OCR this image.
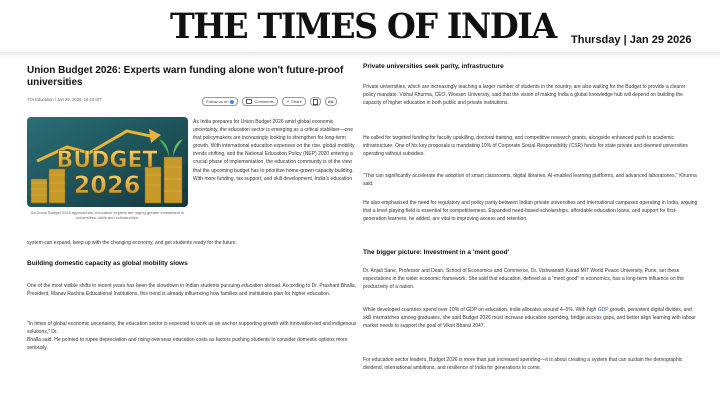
THE TIMES OF INDIA Thursday | Jan 29 2026
Union Budget 2026: Experts warn funding alone won't future-proof universities
TOI Education / Jan 29, 2026, 16:10 IST	Follow us on	Comments	↗ Share	AA
BUDGET
2026
As Union Budget 2026 approaches, education experts are urging greater investment in universities, skills and scholarships.

As India prepares for Union Budget 2026 amid global economic uncertainty, the education sector is emerging as a critical stabiliser—one that policymakers are increasingly looking to strengthen for long-term growth. With international education expenses on the rise, global mobility trends shifting, and the National Education Policy (NEP) 2020 entering a crucial phase of implementation, the education community is of the view that the upcoming budget has to prioritize home-grown capacity building. With more funding, tax support, and skill development, India's education

system can expand, keep up with the changing economy, and get students ready for the future.

Building domestic capacity as global mobility slows

One of the most visible shifts in recent years has been the slowdown in Indian students pursuing education abroad. According to Dr. Prashant Bhalla, President, Manav Rachna Educational Institutions, this trend is already influencing how families and institutions plan for higher education.

"In times of global economic uncertainty, the education sector is expected to work as an anchor supporting growth with innovation-led and indigenous solutions," Dr.

Bhalla said. He pointed to rupee depreciation and rising overseas education costs as factors pushing students to consider domestic options more seriously.

Private universities seek parity, infrastructure

Private universities, which are increasingly teaching a larger number of students in the country, are also waiting for the Budget to provide a clearer policy mandate. Vishal Khurma, CEO, Woxsen University, said that the vision of making India a global knowledge hub will depend on building the capacity of higher education in both public and private institutions.

He called for targeted funding for faculty upskilling, doctoral training, and competitive research grants, alongside enhanced push to academic infrastructure. One of his key proposals is mandating 10% of Corporate Social Responsibility (CSR) funds for state private and deemed universities operating without subsidies.

"This can significantly accelerate the adoption of smart classrooms, digital libraries, AI-enabled learning platforms, and advanced laboratories," Khurma said.

He also emphasised the need for regulatory and policy parity between Indian private universities and international campuses operating in India, arguing that a level playing field is essential for competitiveness. Expanded need-based scholarships, affordable education loans, and support for first-generation learners, he added, are vital to improving access and retention.

The bigger picture: Investment in a 'ment good'

Dr. Anjali Sane, Professor and Dean, School of Economics and Commerce, Dr. Vishwanath Karad MIT World Peace University, Pune, set these expectations in the wider economic framework. She said that education, defined as a "merit good" in economics, has a long-term influence on the productivity of a nation.

While developed countries spend over 10% of GDP on education, India allocates around 4–5%. With high GDP growth, persistent digital divides, and skill mismatches among graduates, she said Budget 2026 must increase education spending, bridge access gaps, and better align learning with labour market needs to support the goal of Viksit Bharat 2047.

For education sector leaders, Budget 2026 is more than just increased spending—it is about creating a system that can sustain the demographic dividend, international ambitions, and resilience of India for generations to come.
